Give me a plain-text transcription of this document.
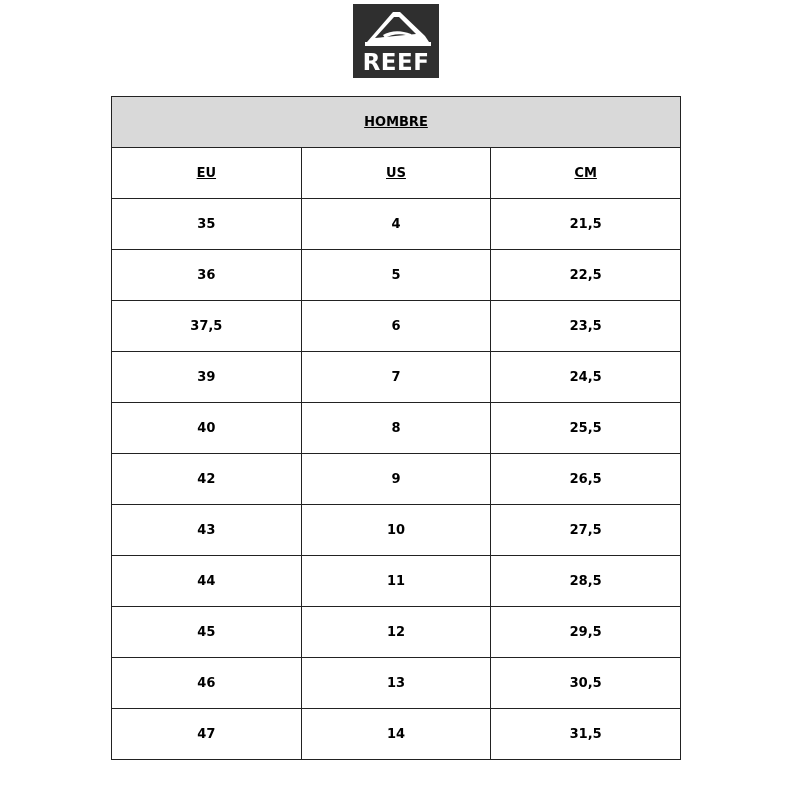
REEF
HOMBRE		
EU	US	CM
35	4	21,5
36	5	22,5
37,5	6	23,5
39	7	24,5
40	8	25,5
42	9	26,5
43	10	27,5
44	11	28,5
45	12	29,5
46	13	30,5
47	14	31,5
